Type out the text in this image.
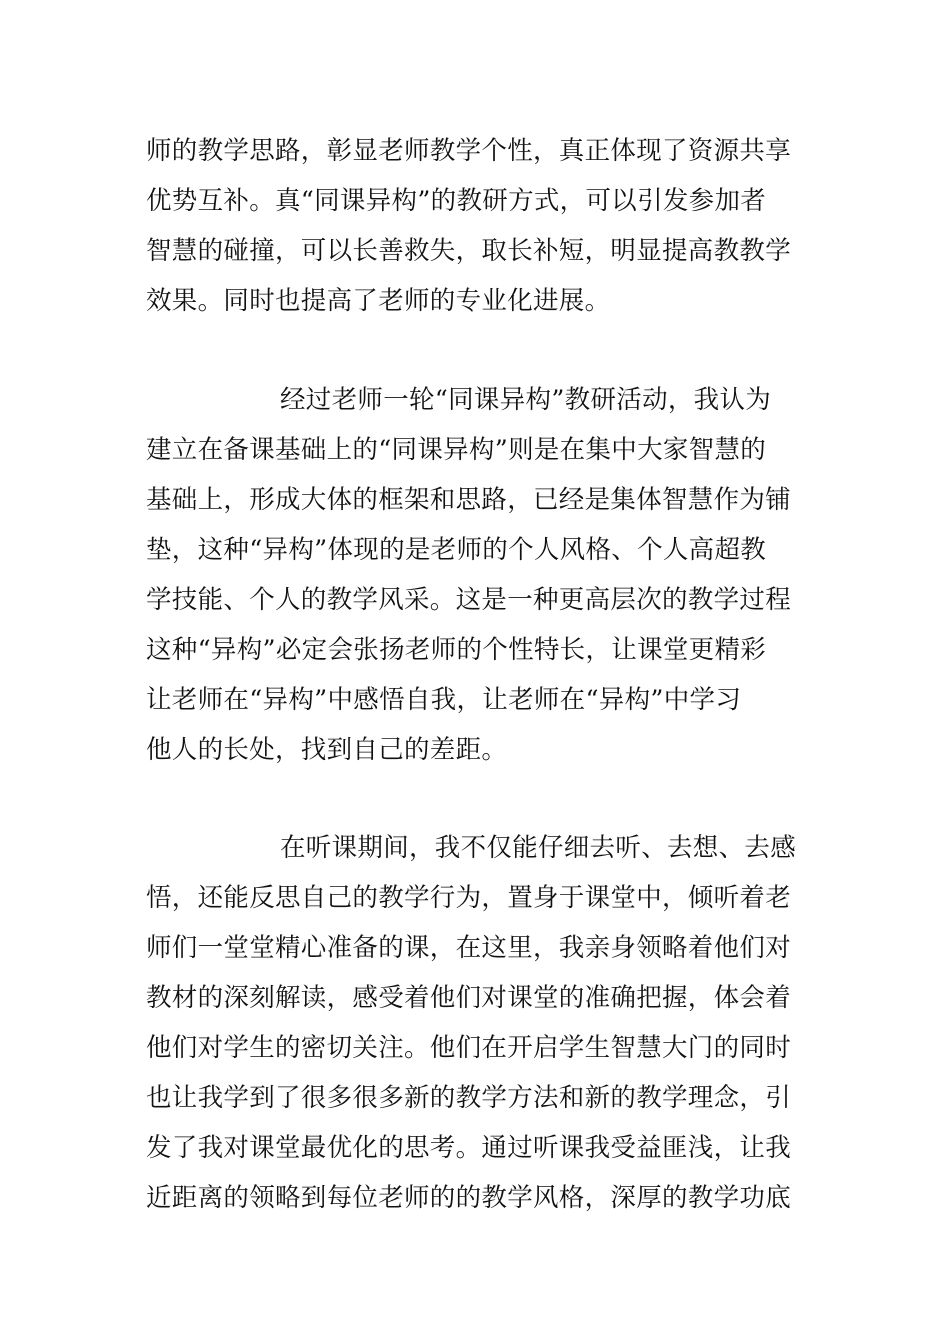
师的教学思路，彰显老师教学个性，真正体现了资源共享
优势互补。真“同课异构”的教研方式，可以引发参加者
智慧的碰撞，可以长善救失，取长补短，明显提高教教学
效果。同时也提高了老师的专业化进展。
经过老师一轮“同课异构”教研活动，我认为
建立在备课基础上的“同课异构”则是在集中大家智慧的
基础上，形成大体的框架和思路，已经是集体智慧作为铺
垫，这种“异构”体现的是老师的个人风格、个人高超教
学技能、个人的教学风采。这是一种更高层次的教学过程
这种“异构”必定会张扬老师的个性特长，让课堂更精彩
让老师在“异构”中感悟自我，让老师在“异构”中学习
他人的长处，找到自己的差距。
在听课期间，我不仅能仔细去听、去想、去感
悟，还能反思自己的教学行为，置身于课堂中，倾听着老
师们一堂堂精心准备的课，在这里，我亲身领略着他们对
教材的深刻解读，感受着他们对课堂的准确把握，体会着
他们对学生的密切关注。他们在开启学生智慧大门的同时
也让我学到了很多很多新的教学方法和新的教学理念，引
发了我对课堂最优化的思考。通过听课我受益匪浅，让我
近距离的领略到每位老师的的教学风格，深厚的教学功底
